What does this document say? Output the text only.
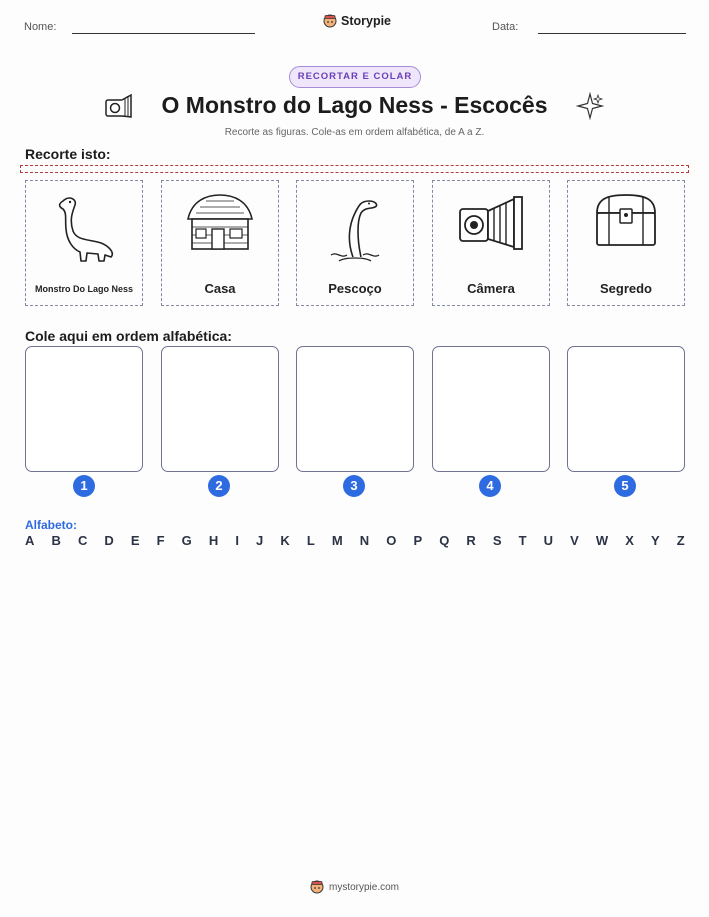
Nome:	Storypie	Data:
RECORTAR E COLAR
O Monstro do Lago Ness - Escocês
Recorte as figuras. Cole-as em ordem alfabética, de A a Z.
Recorte isto:
Monstro Do Lago Ness	Casa	Pescoço	Câmera	Segredo
Cole aqui em ordem alfabética:
1	2	3	4	5
Alfabeto:
A B C D E F G H I J K L M N O P Q R S T U V W X Y Z
mystorypie.com
